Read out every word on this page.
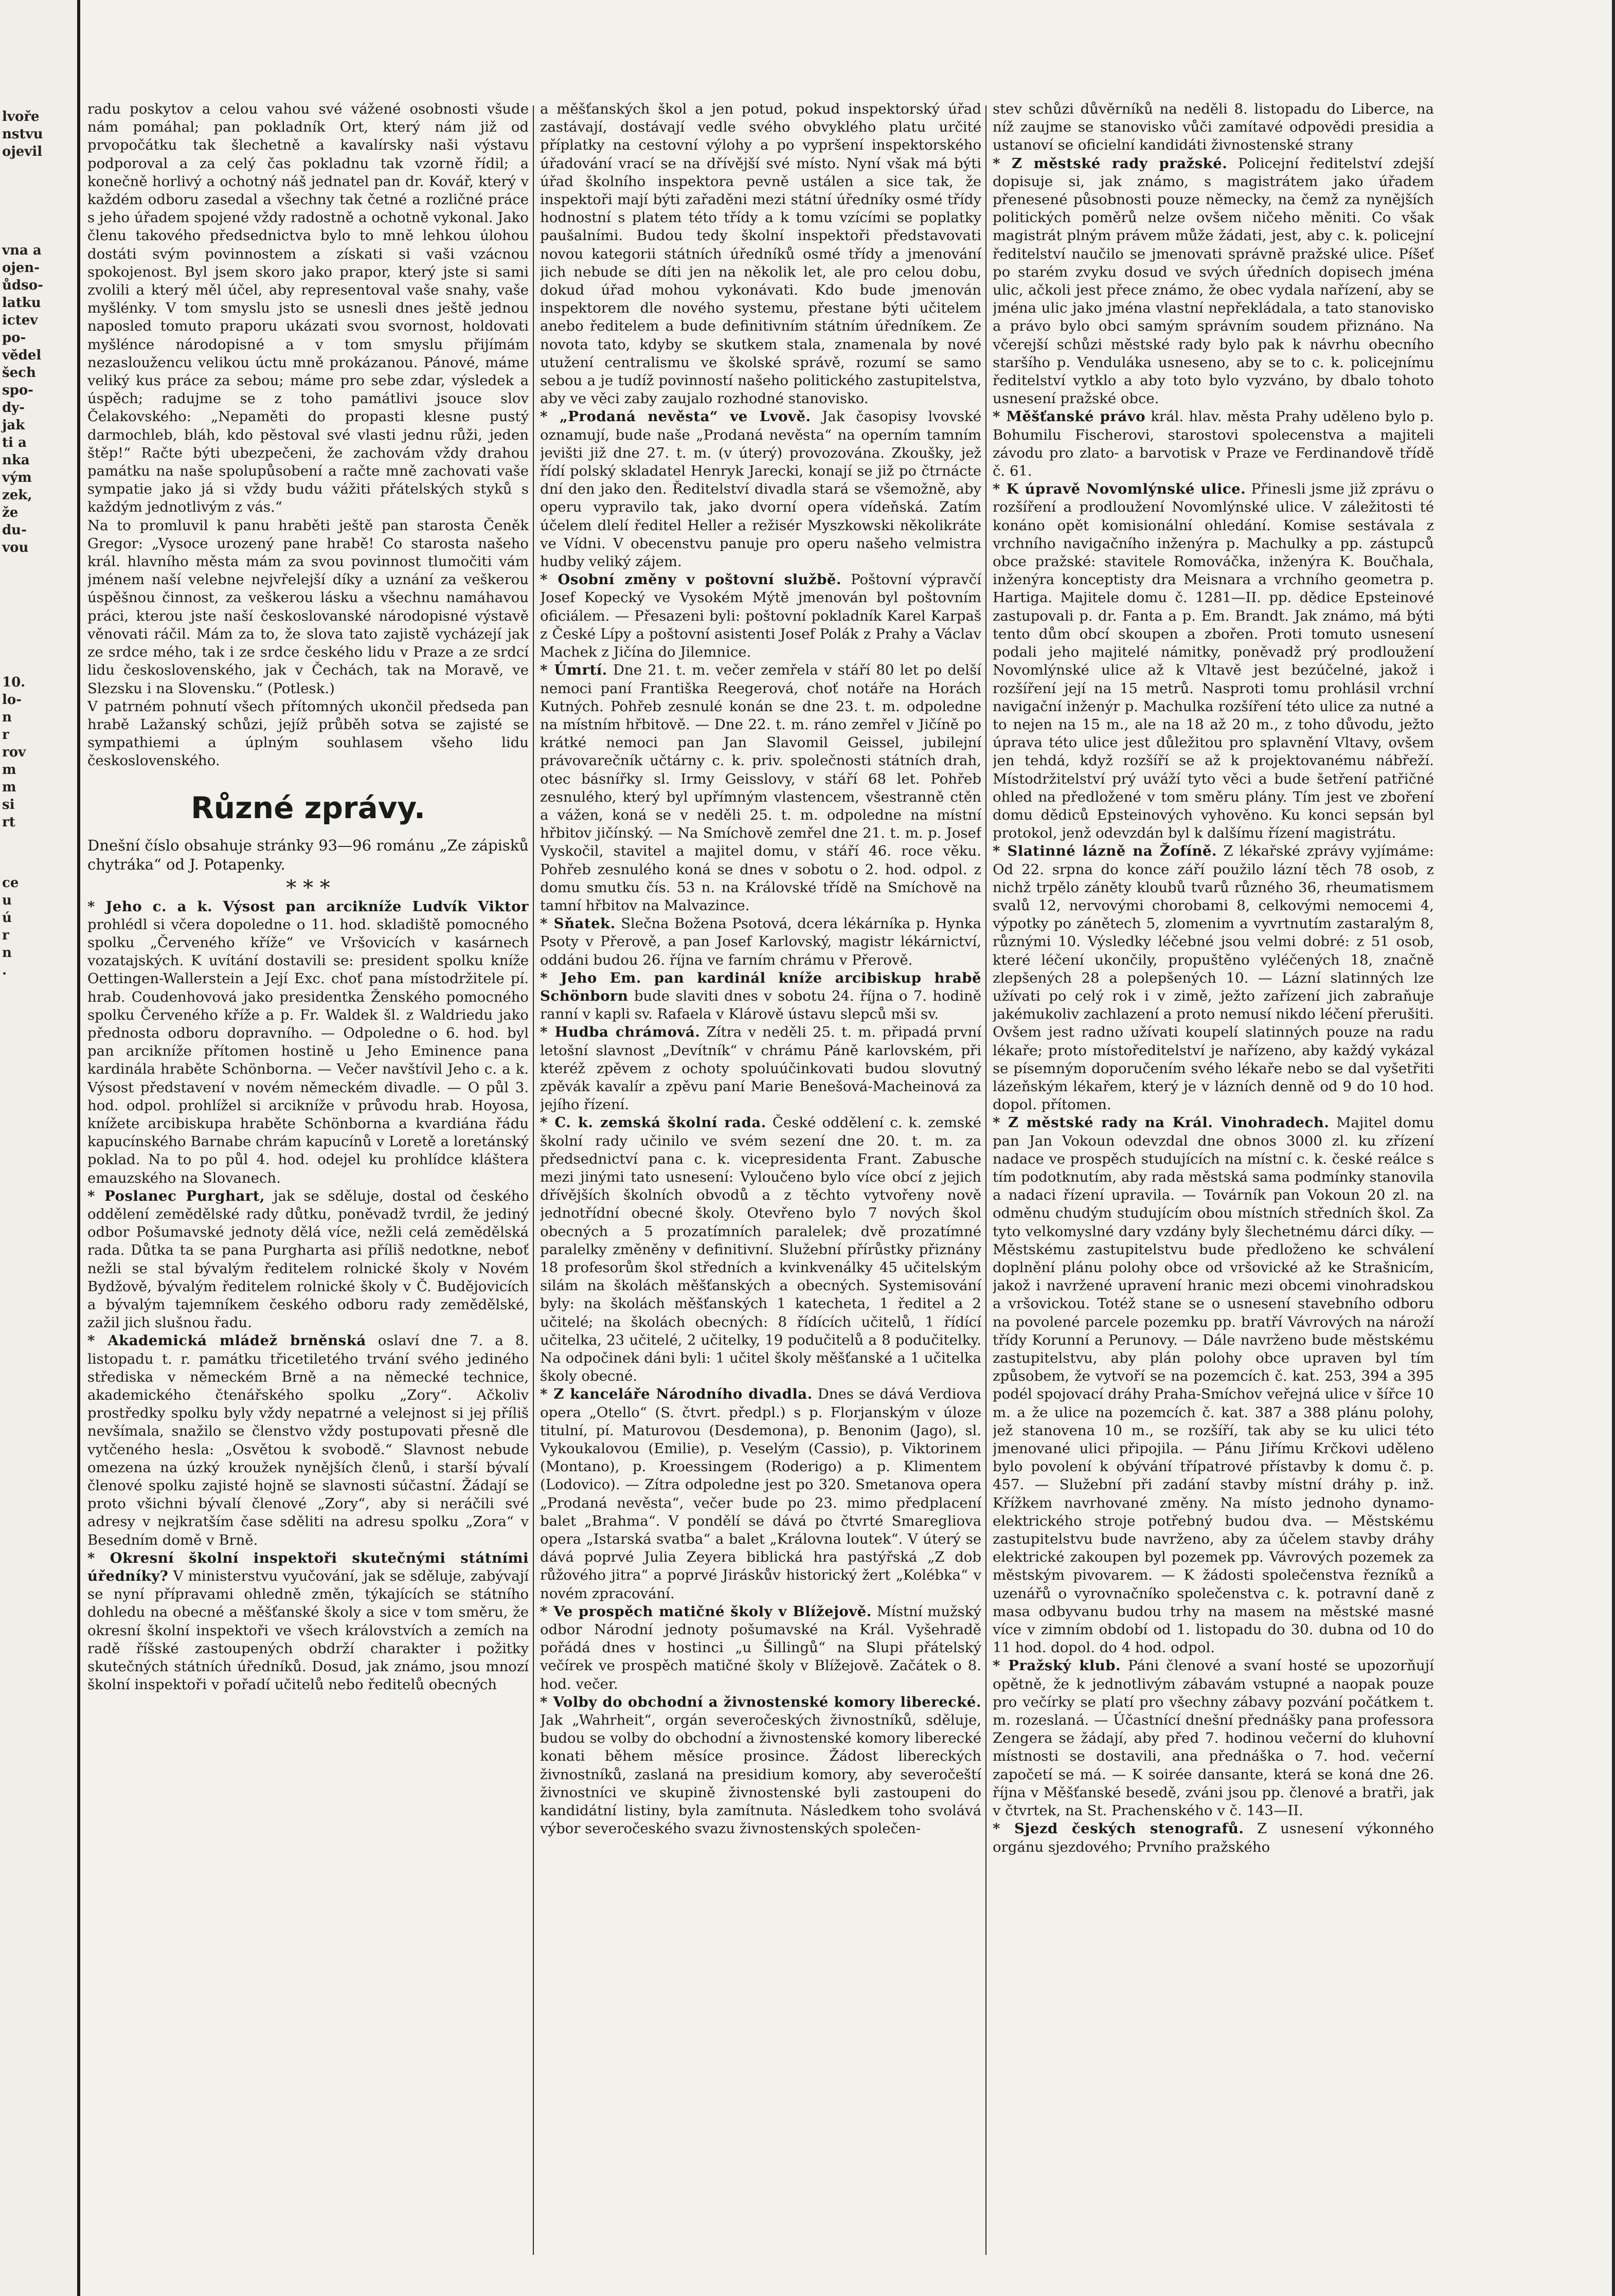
lvoře
nstvu
ojevil
vna a
ojen-
ůdso-
latku
ictev
po-
vědel
šech
spo-
dy-
jak
ti a
nka
vým
zek,
že
du-
vou
10.
lo-
n
r
rov
m
m
si
rt
ce
u
ú
r
n
.

radu poskytov a celou vahou své vážené osobnosti všude nám pomáhal; pan pokladník Ort, který nám již od prvopočátku tak šlechetně a kavalírsky naši výstavu podporoval a za celý čas pokladnu tak vzorně řídil; a konečně horlivý a ochotný náš jednatel pan dr. Kovář, který v každém odboru zasedal a všechny tak četné a rozličné práce s jeho úřadem spojené vždy radostně a ochotně vykonal. Jako členu takového předsednictva bylo to mně lehkou úlohou dostáti svým povinnostem a získati si vaši vzácnou spokojenost. Byl jsem skoro jako prapor, který jste si sami zvolili a který měl účel, aby representoval vaše snahy, vaše myšlénky. V tom smyslu jsto se usnesli dnes ještě jednou naposled tomuto praporu ukázati svou svornost, holdovati myšlénce národopisné a v tom smyslu přijímám nezasloužencu velikou úctu mně prokázanou. Pánové, máme veliký kus práce za sebou; máme pro sebe zdar, výsledek a úspěch; radujme se z toho památlivi jsouce slov Čelakovského: „Nepaměti do propasti klesne pustý darmochleb, bláh, kdo pěstoval své vlasti jednu růži, jeden štěp!“ Račte býti ubezpečeni, že zachovám vždy drahou památku na naše spolupůsobení a račte mně zachovati vaše sympatie jako já si vždy budu vážiti přátelských styků s každým jednotlivým z vás.“

Na to promluvil k panu hraběti ještě pan starosta Čeněk Gregor: „Vysoce urozený pane hrabě! Co starosta našeho král. hlavního města mám za svou povinnost tlumočiti vám jménem naší velebne nejvřelejší díky a uznání za veškerou úspěšnou činnost, za veškerou lásku a všechnu namáhavou práci, kterou jste naší českoslovanské národopisné výstavě věnovati ráčil. Mám za to, že slova tato zajistě vycházejí jak ze srdce mého, tak i ze srdce českého lidu v Praze a ze srdcí lidu československého, jak v Čechách, tak na Moravě, ve Slezsku i na Slovensku.“ (Potlesk.)

V patrném pohnutí všech přítomných ukončil předseda pan hrabě Lažanský schůzi, jejíž průběh sotva se zajisté se sympathiemi a úplným souhlasem všeho lidu československého.

Různé zprávy.

Dnešní číslo obsahuje stránky 93—96 románu „Ze zápisků chytráka“ od J. Potapenky.

* * *

* Jeho c. a k. Výsost pan arcikníže Ludvík Viktor prohlédl si včera dopoledne o 11. hod. skladiště pomocného spolku „Červeného kříže“ ve Vršovicích v kasárnech vozatajských. K uvítání dostavili se: president spolku kníže Oettingen-Wallerstein a Její Exc. choť pana místodržitele pí. hrab. Coudenhovová jako presidentka Ženského pomocného spolku Červeného kříže a p. Fr. Waldek šl. z Waldriedu jako přednosta odboru dopravního. — Odpoledne o 6. hod. byl pan arcikníže přítomen hostině u Jeho Eminence pana kardinála hraběte Schönborna. — Večer navštívil Jeho c. a k. Výsost představení v novém německém divadle. — O půl 3. hod. odpol. prohlížel si arcikníže v průvodu hrab. Hoyosa, knížete arcibiskupa hraběte Schönborna a kvardiána řádu kapucínského Barnabe chrám kapucínů v Loretě a loretánský poklad. Na to po půl 4. hod. odejel ku prohlídce kláštera emauzského na Slovanech.

* Poslanec Purghart, jak se sděluje, dostal od českého oddělení zemědělské rady důtku, poněvadž tvrdil, že jediný odbor Pošumavské jednoty dělá více, nežli celá zemědělská rada. Důtka ta se pana Purgharta asi příliš nedotkne, neboť nežli se stal bývalým ředitelem rolnické školy v Novém Bydžově, bývalým ředitelem rolnické školy v Č. Budějovicích a bývalým tajemníkem českého odboru rady zemědělské, zažil jich slušnou řadu.

* Akademická mládež brněnská oslaví dne 7. a 8. listopadu t. r. památku třicetiletého trvání svého jediného střediska v německém Brně a na německé technice, akademického čtenářského spolku „Zory“. Ačkoliv prostředky spolku byly vždy nepatrné a velejnost si jej příliš nevšímala, snažilo se členstvo vždy postupovati přesně dle vytčeného hesla: „Osvětou k svobodě.“ Slavnost nebude omezena na úzký kroužek nynějších členů, i starší bývalí členové spolku zajisté hojně se slavnosti súčastní. Žádají se proto všichni bývalí členové „Zory“, aby si neráčili své adresy v nejkratším čase sděliti na adresu spolku „Zora“ v Besedním domě v Brně.

* Okresní školní inspektoři skutečnými státními úředníky? V ministerstvu vyučování, jak se sděluje, zabývají se nyní přípravami ohledně změn, týkajících se státního dohledu na obecné a měšťanské školy a sice v tom směru, že okresní školní inspektoři ve všech královstvích a zemích na radě říšské zastoupených obdrží charakter i požitky skutečných státních úředníků. Dosud, jak známo, jsou mnozí školní inspektoři v pořadí učitelů nebo ředitelů obecných

a měšťanských škol a jen potud, pokud inspektorský úřad zastávají, dostávají vedle svého obvyklého platu určité příplatky na cestovní výlohy a po vypršení inspektorského úřadování vrací se na dřívější své místo. Nyní však má býti úřad školního inspektora pevně ustálen a sice tak, že inspektoři mají býti zařaděni mezi státní úředníky osmé třídy hodnostní s platem této třídy a k tomu vzícími se poplatky paušalními. Budou tedy školní inspektoři představovati novou kategorii státních úředníků osmé třídy a jmenování jich nebude se díti jen na několik let, ale pro celou dobu, dokud úřad mohou vykonávati. Kdo bude jmenován inspektorem dle nového systemu, přestane býti učitelem anebo ředitelem a bude definitivním státním úředníkem. Ze novota tato, kdyby se skutkem stala, znamenala by nové utužení centralismu ve školské správě, rozumí se samo sebou a je tudíž povinností našeho politického zastupitelstva, aby ve věci zaby zaujalo rozhodné stanovisko.

* „Prodaná nevěsta“ ve Lvově. Jak časopisy lvovské oznamují, bude naše „Prodaná nevěsta“ na operním tamním jevišti již dne 27. t. m. (v úterý) provozována. Zkoušky, jež řídí polský skladatel Henryk Jarecki, konají se již po čtrnácte dní den jako den. Ředitelství divadla stará se všemožně, aby operu vypravilo tak, jako dvorní opera vídeňská. Zatím účelem dlelí ředitel Heller a režisér Myszkowski několikráte ve Vídni. V obecenstvu panuje pro operu našeho velmistra hudby veliký zájem.

* Osobní změny v poštovní službě. Poštovní výpravčí Josef Kopecký ve Vysokém Mýtě jmenován byl poštovním oficiálem. — Přesazeni byli: poštovní pokladník Karel Karpaš z České Lípy a poštovní asistenti Josef Polák z Prahy a Václav Machek z Jičína do Jilemnice.

* Úmrtí. Dne 21. t. m. večer zemřela v stáří 80 let po delší nemoci paní Františka Reegerová, choť notáře na Horách Kutných. Pohřeb zesnulé konán se dne 23. t. m. odpoledne na místním hřbitově. — Dne 22. t. m. ráno zemřel v Jičíně po krátké nemoci pan Jan Slavomil Geissel, jubilejní právovarečník učtárny c. k. priv. společnosti státních drah, otec básnířky sl. Irmy Geisslovy, v stáří 68 let. Pohřeb zesnulého, který byl upřímným vlastencem, všestranně ctěn a vážen, koná se v neděli 25. t. m. odpoledne na místní hřbitov jičínský. — Na Smíchově zemřel dne 21. t. m. p. Josef Vyskočil, stavitel a majitel domu, v stáří 46. roce věku. Pohřeb zesnulého koná se dnes v sobotu o 2. hod. odpol. z domu smutku čís. 53 n. na Královské třídě na Smíchově na tamní hřbitov na Malvazince.

* Sňatek. Slečna Božena Psotová, dcera lékárníka p. Hynka Psoty v Přerově, a pan Josef Karlovský, magistr lékárnictví, oddáni budou 26. října ve farním chrámu v Přerově.

* Jeho Em. pan kardinál kníže arcibiskup hrabě Schönborn bude slaviti dnes v sobotu 24. října o 7. hodině ranní v kapli sv. Rafaela v Klárově ústavu slepců mši sv.

* Hudba chrámová. Zítra v neděli 25. t. m. připadá první letošní slavnost „Devítník“ v chrámu Páně karlovském, při kteréž zpěvem z ochoty spoluúčinkovati budou slovutný zpěvák kavalír a zpěvu paní Marie Benešová-Macheinová za jejího řízení.

* C. k. zemská školní rada. České oddělení c. k. zemské školní rady učinilo ve svém sezení dne 20. t. m. za předsednictví pana c. k. vicepresidenta Frant. Zabusche mezi jinými tato usnesení: Vyloučeno bylo více obcí z jejich dřívějších školních obvodů a z těchto vytvořeny nově jednotřídní obecné školy. Otevřeno bylo 7 nových škol obecných a 5 prozatímních paralelek; dvě prozatímné paralelky změněny v definitivní. Služební přírůstky přiznány 18 profesorům škol středních a kvinkvenálky 45 učitelským silám na školách měšťanských a obecných. Systemisování byly: na školách měšťanských 1 katecheta, 1 ředitel a 2 učitelé; na školách obecných: 8 řídících učitelů, 1 řídící učitelka, 23 učitelé, 2 učitelky, 19 podučitelů a 8 podučitelky. Na odpočinek dáni byli: 1 učitel školy měšťanské a 1 učitelka školy obecné.

* Z kanceláře Národního divadla. Dnes se dává Verdiova opera „Otello“ (S. čtvrt. předpl.) s p. Florjanským v úloze titulní, pí. Maturovou (Desdemona), p. Benonim (Jago), sl. Vykoukalovou (Emilie), p. Veselým (Cassio), p. Viktorinem (Montano), p. Kroessingem (Roderigo) a p. Klimentem (Lodovico). — Zítra odpoledne jest po 320. Smetanova opera „Prodaná nevěsta“, večer bude po 23. mimo předplacení balet „Brahma“. V pondělí se dává po čtvrté Smaregliova opera „Istarská svatba“ a balet „Královna loutek“. V úterý se dává poprvé Julia Zeyera biblická hra pastýřská „Z dob růžového jitra“ a poprvé Jiráskův historický žert „Kolébka“ v novém zpracování.

* Ve prospěch matičné školy v Blížejově. Místní mužský odbor Národní jednoty pošumavské na Král. Vyšehradě pořádá dnes v hostinci „u Šillingů“ na Slupi přátelský večírek ve prospěch matičné školy v Blížejově. Začátek o 8. hod. večer.

* Volby do obchodní a živnostenské komory liberecké. Jak „Wahrheit“, orgán severočeských živnostníků, sděluje, budou se volby do obchodní a živnostenské komory liberecké konati během měsíce prosince. Žádost libereckých živnostníků, zaslaná na presidium komory, aby severočeští živnostníci ve skupině živnostenské byli zastoupeni do kandidátní listiny, byla zamítnuta. Následkem toho svolává výbor severočeského svazu živnostenských společen-

stev schůzi důvěrníků na neděli 8. listopadu do Liberce, na níž zaujme se stanovisko vůči zamítavé odpovědi presidia a ustanoví se oficielní kandidáti živnostenské strany

* Z městské rady pražské. Policejní ředitelství zdejší dopisuje si, jak známo, s magistrátem jako úřadem přenesené působnosti pouze německy, na čemž za nynějších politických poměrů nelze ovšem ničeho měniti. Co však magistrát plným právem může žádati, jest, aby c. k. policejní ředitelství naučilo se jmenovati správně pražské ulice. Píšeť po starém zvyku dosud ve svých úředních dopisech jména ulic, ačkoli jest přece známo, že obec vydala nařízení, aby se jména ulic jako jména vlastní nepřekládala, a tato stanovisko a právo bylo obci samým správním soudem přiznáno. Na včerejší schůzi městské rady bylo pak k návrhu obecního staršího p. Vendulákа usneseno, aby se to c. k. policejnímu ředitelství vytklo a aby toto bylo vyzváno, by dbalo tohoto usnesení pražské obce.

* Měšťanské právo král. hlav. města Prahy uděleno bylo p. Bohumilu Fischerovi, starostovi spolecenstva a majiteli závodu pro zlato- a barvotisk v Praze ve Ferdinandově třídě č. 61.

* K úpravě Novomlýnské ulice. Přinesli jsme již zprávu o rozšíření a prodloužení Novomlýnské ulice. V záležitosti té konáno opět komisionální ohledání. Komise sestávala z vrchního navigačního inženýra p. Machulky a pp. zástupců obce pražské: stavitele Romováčka, inženýra K. Boučhala, inženýra konceptisty dra Meisnara a vrchního geometra p. Hartiga. Majitele domu č. 1281—II. pp. dědice Epsteinové zastupovali p. dr. Fanta a p. Em. Brandt. Jak známo, má býti tento dům obcí skoupen a zbořen. Proti tomuto usnesení podali jeho majitelé námitky, poněvadž prý prodloužení Novomlýnské ulice až k Vltavě jest bezúčelné, jakož i rozšíření její na 15 metrů. Nasproti tomu prohlásil vrchní navigační inženýr p. Machulka rozšíření této ulice za nutné a to nejen na 15 m., ale na 18 až 20 m., z toho důvodu, ježto úprava této ulice jest důležitou pro splavnění Vltavy, ovšem jen tehdá, když rozšíří se až k projektovanému nábřeží. Místodržitelství prý uváží tyto věci a bude šetření patřičné ohled na předložené v tom směru plány. Tím jest ve zboření domu dědiců Epsteinových vyhověno. Ku konci sepsán byl protokol, jenž odevzdán byl k dalšímu řízení magistrátu.

* Slatinné lázně na Žofíně. Z lékařské zprávy vyjímáme: Od 22. srpna do konce září použilo lázní těch 78 osob, z nichž trpělo záněty kloubů tvarů různého 36, rheumatismem svalů 12, nervovými chorobami 8, celkovými nemocemi 4, výpotky po zánětech 5, zlomenim a vyvrtnutím zastaralým 8, různými 10. Výsledky léčebné jsou velmi dobré: z 51 osob, které léčení ukončily, propuštěno vyléčených 18, značně zlepšených 28 a polepšených 10. — Lázní slatinných lze užívati po celý rok i v zimě, ježto zařízení jich zabraňuje jakémukoliv zachlazení a proto nemusí nikdo léčení přerušiti. Ovšem jest radno užívati koupelí slatinných pouze na radu lékaře; proto místoředitelství je nařízeno, aby každý vykázal se písemným doporučením svého lékaře nebo se dal vyšetřiti lázeňským lékařem, který je v lázních denně od 9 do 10 hod. dopol. přítomen.

* Z městské rady na Král. Vinohradech. Majitel domu pan Jan Vokoun odevzdal dne obnos 3000 zl. ku zřízení nadace ve prospěch studujících na místní c. k. české reálce s tím podotknutím, aby rada městská sama podmínky stanovila a nadaci řízení upravila. — Továrník pan Vokoun 20 zl. na odměnu chudým studujícím obou místních středních škol. Za tyto velkomyslné dary vzdány byly šlechetnému dárci díky. — Městskému zastupitelstvu bude předloženo ke schválení doplnění plánu polohy obce od vršovické až ke Strašnicím, jakož i navržené upravení hranic mezi obcemi vinohradskou a vršovickou. Totéž stane se o usnesení stavebního odboru na povolené parcele pozemku pp. bratří Vávrových na nároží třídy Korunní a Perunovy. — Dále navrženo bude městskému zastupitelstvu, aby plán polohy obce upraven byl tím způsobem, že vytvoří se na pozemcích č. kat. 253, 394 a 395 podél spojovací dráhy Praha-Smíchov veřejná ulice v šířce 10 m. a že ulice na pozemcích č. kat. 387 a 388 plánu polohy, jež stanovena 10 m., se rozšíří, tak aby se ku ulici této jmenované ulici připojila. — Pánu Jiřímu Krčkovi uděleno bylo povolení k obývání třípatrové přístavby k domu č. p. 457. — Služební při zadání stavby místní dráhy p. inž. Křížkem navrhované změny. Na místo jednoho dynamo-elektrického stroje potřebný budou dva. — Městskému zastupitelstvu bude navrženo, aby za účelem stavby dráhy elektrické zakoupen byl pozemek pp. Vávrových pozemek za městským pivovarem. — K žádosti společenstva řezníků a uzenářů o vyrovnačníko společenstva c. k. potravní daně z masa odbyvanu budou trhy na masem na městské masné více v zimním období od 1. listopadu do 30. dubna od 10 do 11 hod. dopol. do 4 hod. odpol.

* Pražský klub. Páni členové a svaní hosté se upozorňují opětně, že k jednotlivým zábavám vstupné a naopak pouze pro večírky se platí pro všechny zábavy pozvání počátkem t. m. rozeslaná. — Účastnící dnešní přednášky pana professora Zengera se žádají, aby před 7. hodinou večerní do kluhovní místnosti se dostavili, ana přednáška o 7. hod. večerní započetí se má. — K soirée dansante, která se koná dne 26. října v Měšťanské besedě, zváni jsou pp. členové a bratři, jak v čtvrtek, na St. Prachenského v č. 143—II.

* Sjezd českých stenografů. Z usnesení výkonného orgánu sjezdového; Prvního pražského
